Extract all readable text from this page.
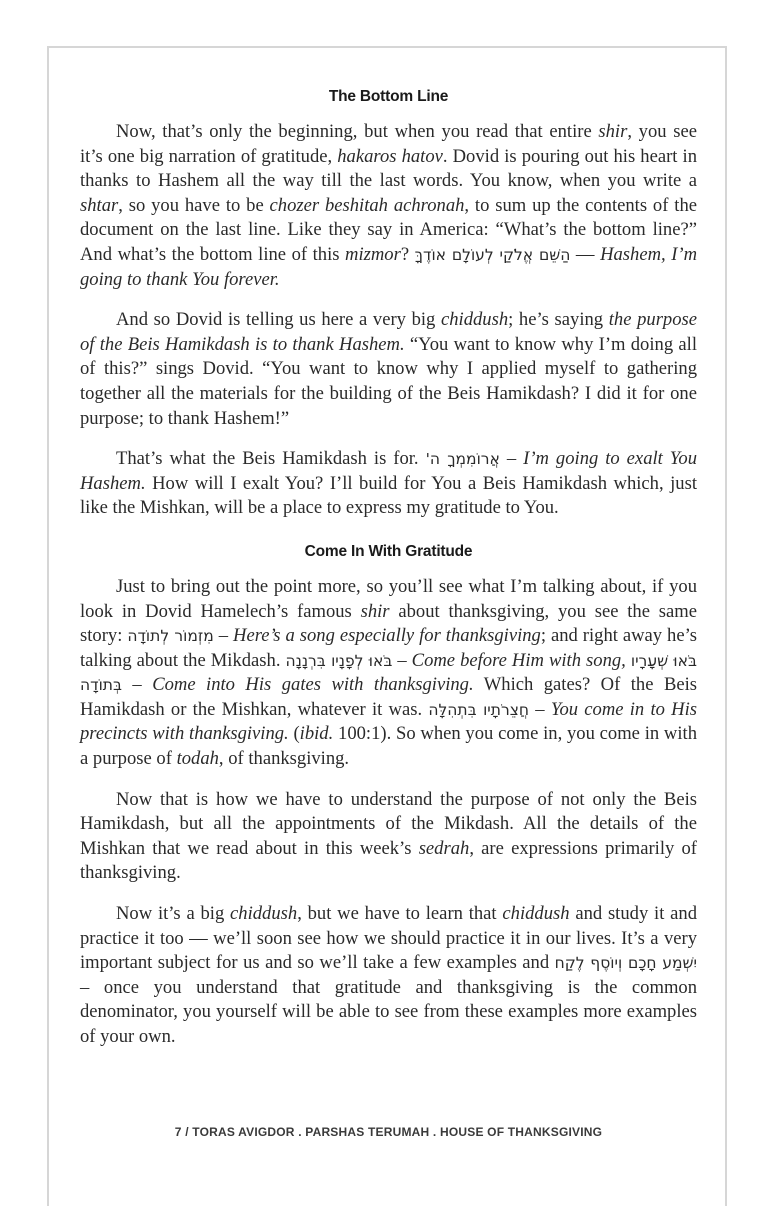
The Bottom Line

Now, that’s only the beginning, but when you read that entire shir, you see it’s one big narration of gratitude, hakaros hatov. Dovid is pouring out his heart in thanks to Hashem all the way till the last words. You know, when you write a shtar, so you have to be chozer beshitah achronah, to sum up the contents of the document on the last line. Like they say in America: “What’s the bottom line?” And what’s the bottom line of this mizmor? הַשֵּׁם אֱלֹקַי לְעוֹלָם אוֹדֶךָּ — Hashem, I’m going to thank You forever.

And so Dovid is telling us here a very big chiddush; he’s saying the purpose of the Beis Hamikdash is to thank Hashem. “You want to know why I’m doing all of this?” sings Dovid. “You want to know why I applied myself to gathering together all the materials for the building of the Beis Hamikdash? I did it for one purpose; to thank Hashem!”

That’s what the Beis Hamikdash is for. אֲרוֹמִמְךָ ה' – I’m going to exalt You Hashem. How will I exalt You? I’ll build for You a Beis Hamikdash which, just like the Mishkan, will be a place to express my gratitude to You.

Come In With Gratitude

Just to bring out the point more, so you’ll see what I’m talking about, if you look in Dovid Hamelech’s famous shir about thanksgiving, you see the same story: מִזְמוֹר לְתוֹדָה – Here’s a song especially for thanksgiving; and right away he’s talking about the Mikdash. בֹּאוּ לְפָנָיו בִּרְנָנָה – Come before Him with song, בֹּאוּ שְׁעָרָיו בְּתוֹדָה – Come into His gates with thanksgiving. Which gates? Of the Beis Hamikdash or the Mishkan, whatever it was. חֲצֵרֹתָיו בִּתְהִלָּה – You come in to His precincts with thanksgiving. (ibid. 100:1). So when you come in, you come in with a purpose of todah, of thanksgiving.

Now that is how we have to understand the purpose of not only the Beis Hamikdash, but all the appointments of the Mikdash. All the details of the Mishkan that we read about in this week’s sedrah, are expressions primarily of thanksgiving.

Now it’s a big chiddush, but we have to learn that chiddush and study it and practice it too — we’ll soon see how we should practice it in our lives. It’s a very important subject for us and so we’ll take a few examples and יִשְׁמַע חָכָם וְיוֹסֶף לֶקַח – once you understand that gratitude and thanksgiving is the common denominator, you yourself will be able to see from these examples more examples of your own.

7 / TORAS AVIGDOR . PARSHAS TERUMAH . HOUSE OF THANKSGIVING
